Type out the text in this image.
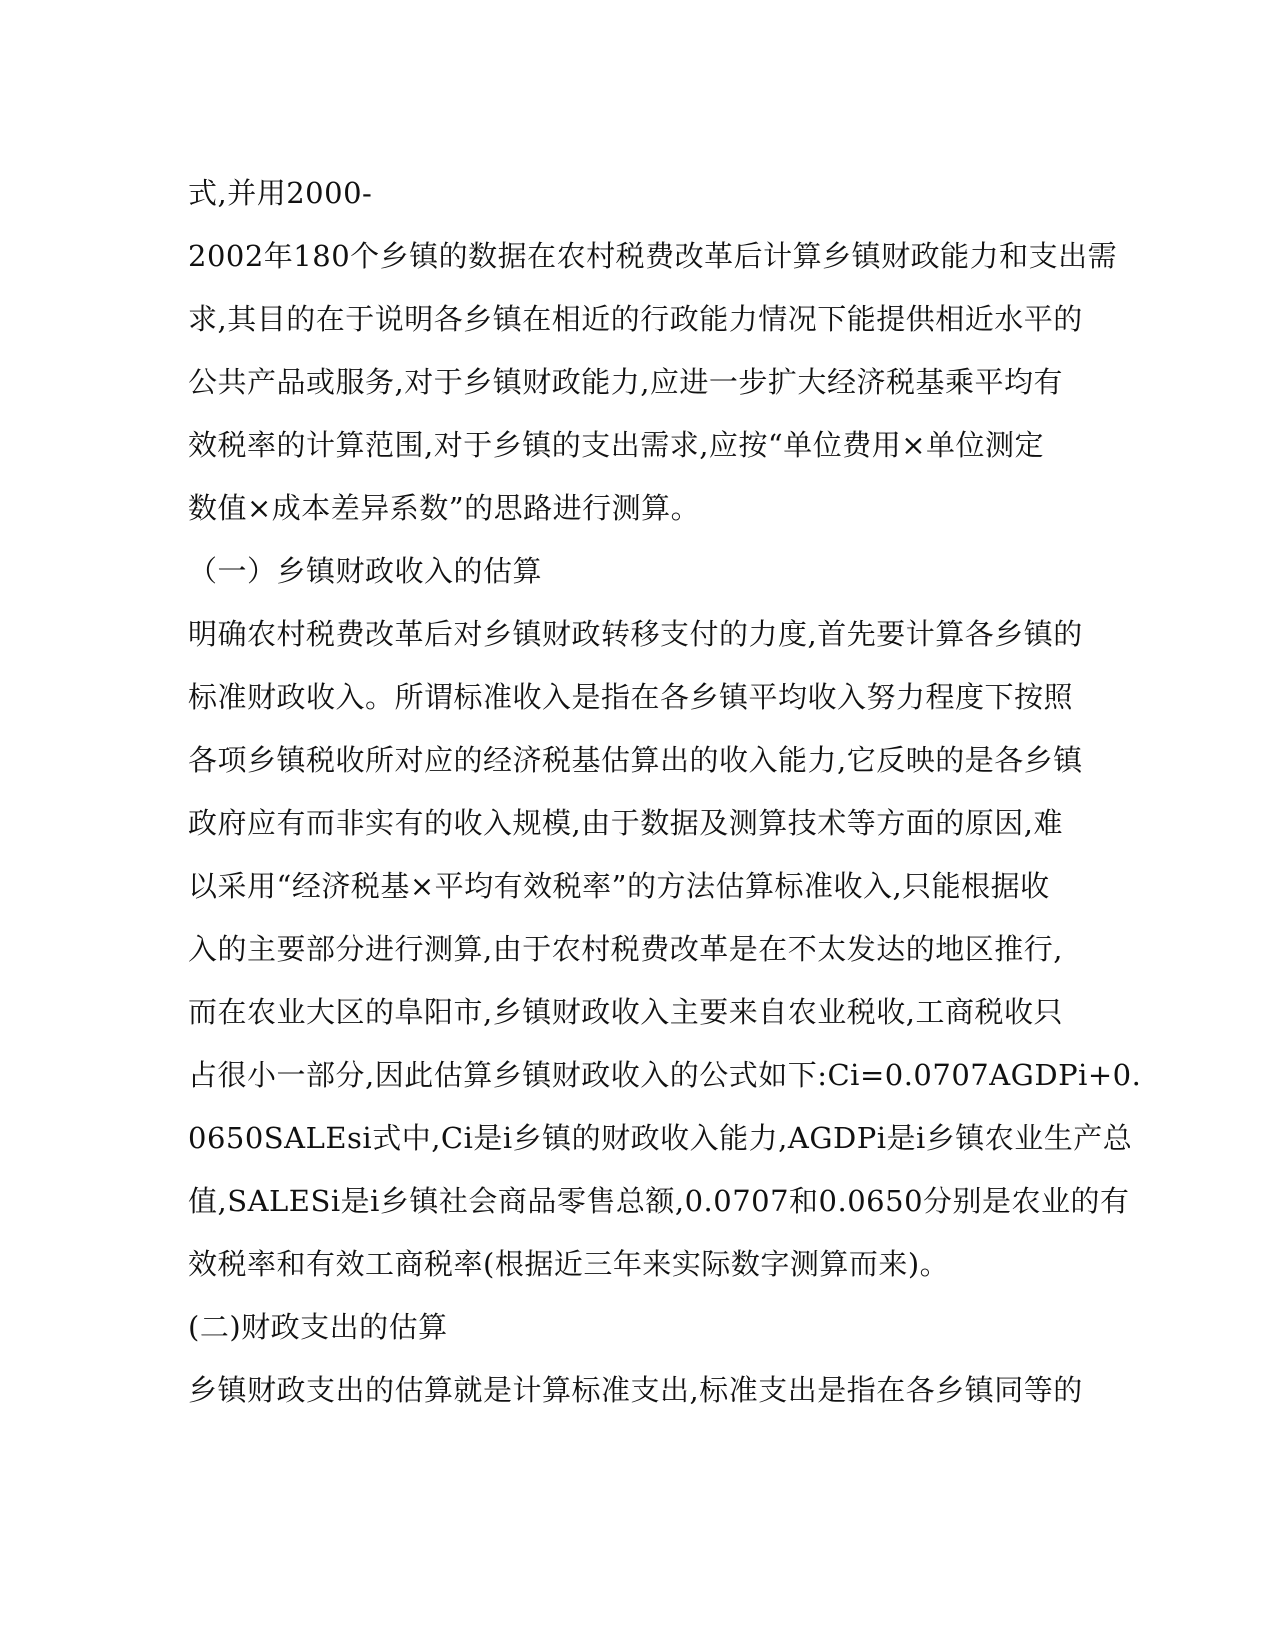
式,并用2000-
2002年180个乡镇的数据在农村税费改革后计算乡镇财政能力和支出需
求,其目的在于说明各乡镇在相近的行政能力情况下能提供相近水平的
公共产品或服务,对于乡镇财政能力,应进一步扩大经济税基乘平均有
效税率的计算范围,对于乡镇的支出需求,应按“单位费用×单位测定
数值×成本差异系数”的思路进行测算。
（一）乡镇财政收入的估算
明确农村税费改革后对乡镇财政转移支付的力度,首先要计算各乡镇的
标准财政收入。所谓标准收入是指在各乡镇平均收入努力程度下按照
各项乡镇税收所对应的经济税基估算出的收入能力,它反映的是各乡镇
政府应有而非实有的收入规模,由于数据及测算技术等方面的原因,难
以采用“经济税基×平均有效税率”的方法估算标准收入,只能根据收
入的主要部分进行测算,由于农村税费改革是在不太发达的地区推行,
而在农业大区的阜阳市,乡镇财政收入主要来自农业税收,工商税收只
占很小一部分,因此估算乡镇财政收入的公式如下:Ci=0.0707AGDPi+0.
0650SALEsi式中,Ci是i乡镇的财政收入能力,AGDPi是i乡镇农业生产总
值,SALESi是i乡镇社会商品零售总额,0.0707和0.0650分别是农业的有
效税率和有效工商税率(根据近三年来实际数字测算而来)。
(二)财政支出的估算
乡镇财政支出的估算就是计算标准支出,标准支出是指在各乡镇同等的
